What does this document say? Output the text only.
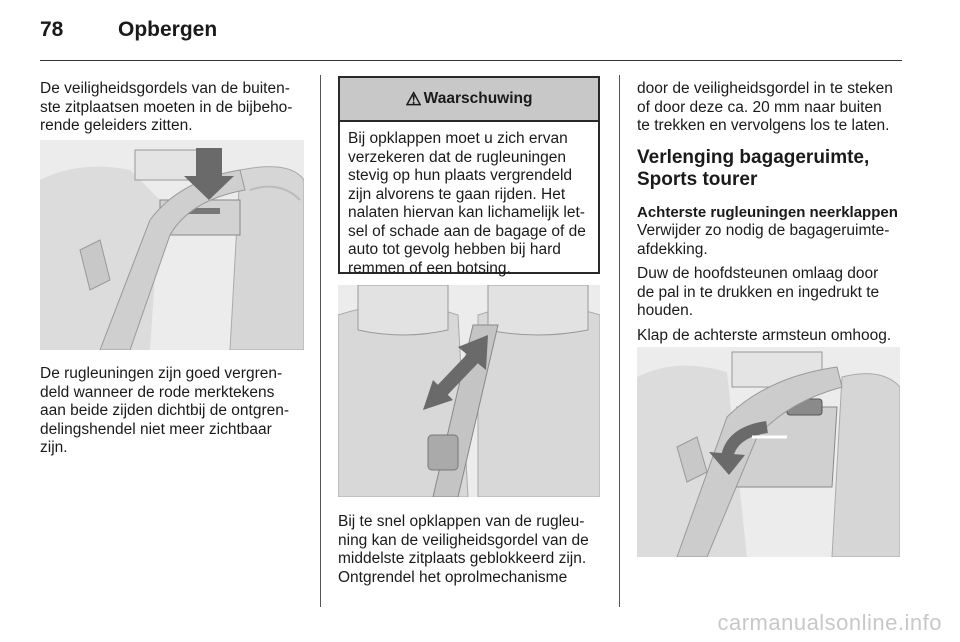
78	Opbergen

De veiligheidsgordels van de buiten-

ste zitplaatsen moeten in de bijbeho-

rende geleiders zitten.

De rugleuningen zijn goed vergren-

deld wanneer de rode merktekens

aan beide zijden dichtbij de ontgren-

delingshendel niet meer zichtbaar

zijn.

⚠ Waarschuwing
Bij opklappen moet u zich ervan
verzekeren dat de rugleuningen
stevig op hun plaats vergrendeld
zijn alvorens te gaan rijden. Het
nalaten hiervan kan lichamelijk let-
sel of schade aan de bagage of de
auto tot gevolg hebben bij hard
remmen of een botsing.

Bij te snel opklappen van de rugleu-

ning kan de veiligheidsgordel van de

middelste zitplaats geblokkeerd zijn.

Ontgrendel het oprolmechanisme

door de veiligheidsgordel in te steken

of door deze ca. 20 mm naar buiten

te trekken en vervolgens los te laten.

Verlenging bagageruimte,
Sports tourer

Achterste rugleuningen neerklappen

Verwijder zo nodig de bagageruimte-

afdekking.

Duw de hoofdsteunen omlaag door

de pal in te drukken en ingedrukt te

houden.

Klap de achterste armsteun omhoog.

carmanualsonline.info
